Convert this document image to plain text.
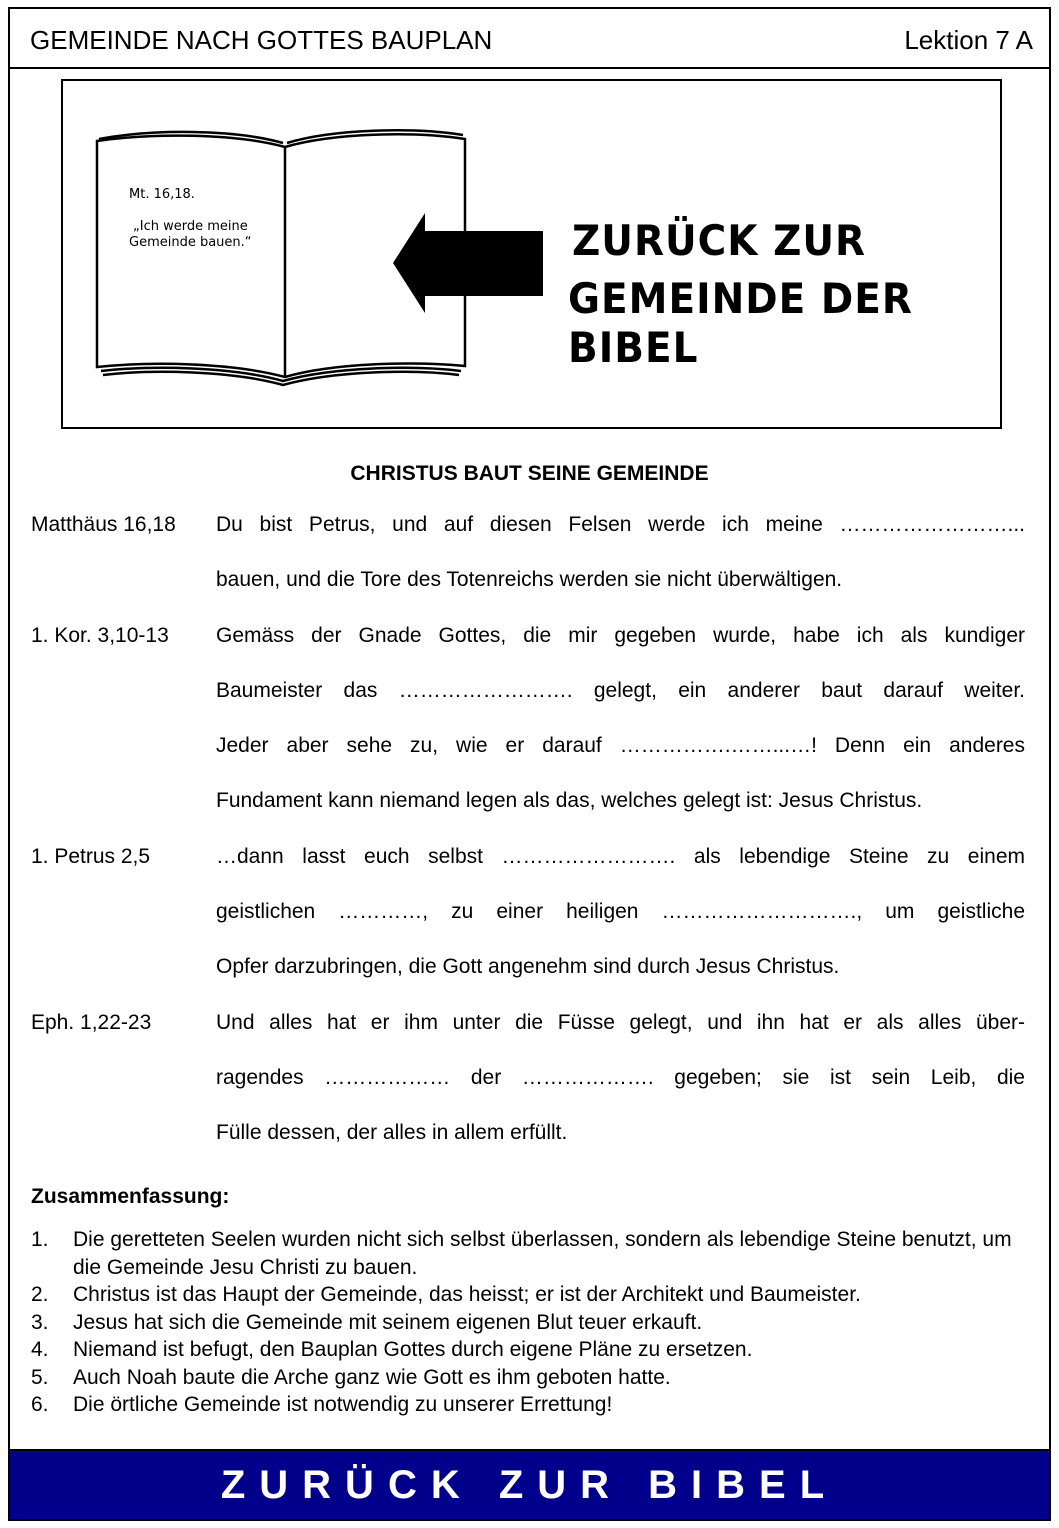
GEMEINDE NACH GOTTES BAUPLAN	Lektion 7 A
Mt. 16,18.
„Ich werde meine
Gemeinde bauen.“	ZURÜCK ZUR
GEMEINDE DER BIBEL
CHRISTUS BAUT SEINE GEMEINDE
Matthäus 16,18	Du bist Petrus, und auf diesen Felsen werde ich meine ……………………...
bauen, und die Tore des Totenreichs werden sie nicht überwältigen.
1. Kor. 3,10-13	Gemäss der Gnade Gottes, die mir gegeben wurde, habe ich als kundiger
Baumeister das ……………………. gelegt, ein anderer baut darauf weiter.
Jeder aber sehe zu, wie er darauf …………….……...…! Denn ein anderes
Fundament kann niemand legen als das, welches gelegt ist: Jesus Christus.
1. Petrus 2,5	…dann lasst euch selbst ……………………. als lebendige Steine zu einem
geistlichen …………, zu einer heiligen ………………………., um geistliche
Opfer darzubringen, die Gott angenehm sind durch Jesus Christus.
Eph. 1,22-23	Und alles hat er ihm unter die Füsse gelegt, und ihn hat er als alles über-
ragendes ……………… der ………………. gegeben; sie ist sein Leib, die
Fülle dessen, der alles in allem erfüllt.
Zusammenfassung:
1.	Die geretteten Seelen wurden nicht sich selbst überlassen, sondern als lebendige Steine benutzt, um die Gemeinde Jesu Christi zu bauen.
2.	Christus ist das Haupt der Gemeinde, das heisst; er ist der Architekt und Baumeister.
3.	Jesus hat sich die Gemeinde mit seinem eigenen Blut teuer erkauft.
4.	Niemand ist befugt, den Bauplan Gottes durch eigene Pläne zu ersetzen.
5.	Auch Noah baute die Arche ganz wie Gott es ihm geboten hatte.
6.	Die örtliche Gemeinde ist notwendig zu unserer Errettung!
ZURÜCK ZUR BIBEL
